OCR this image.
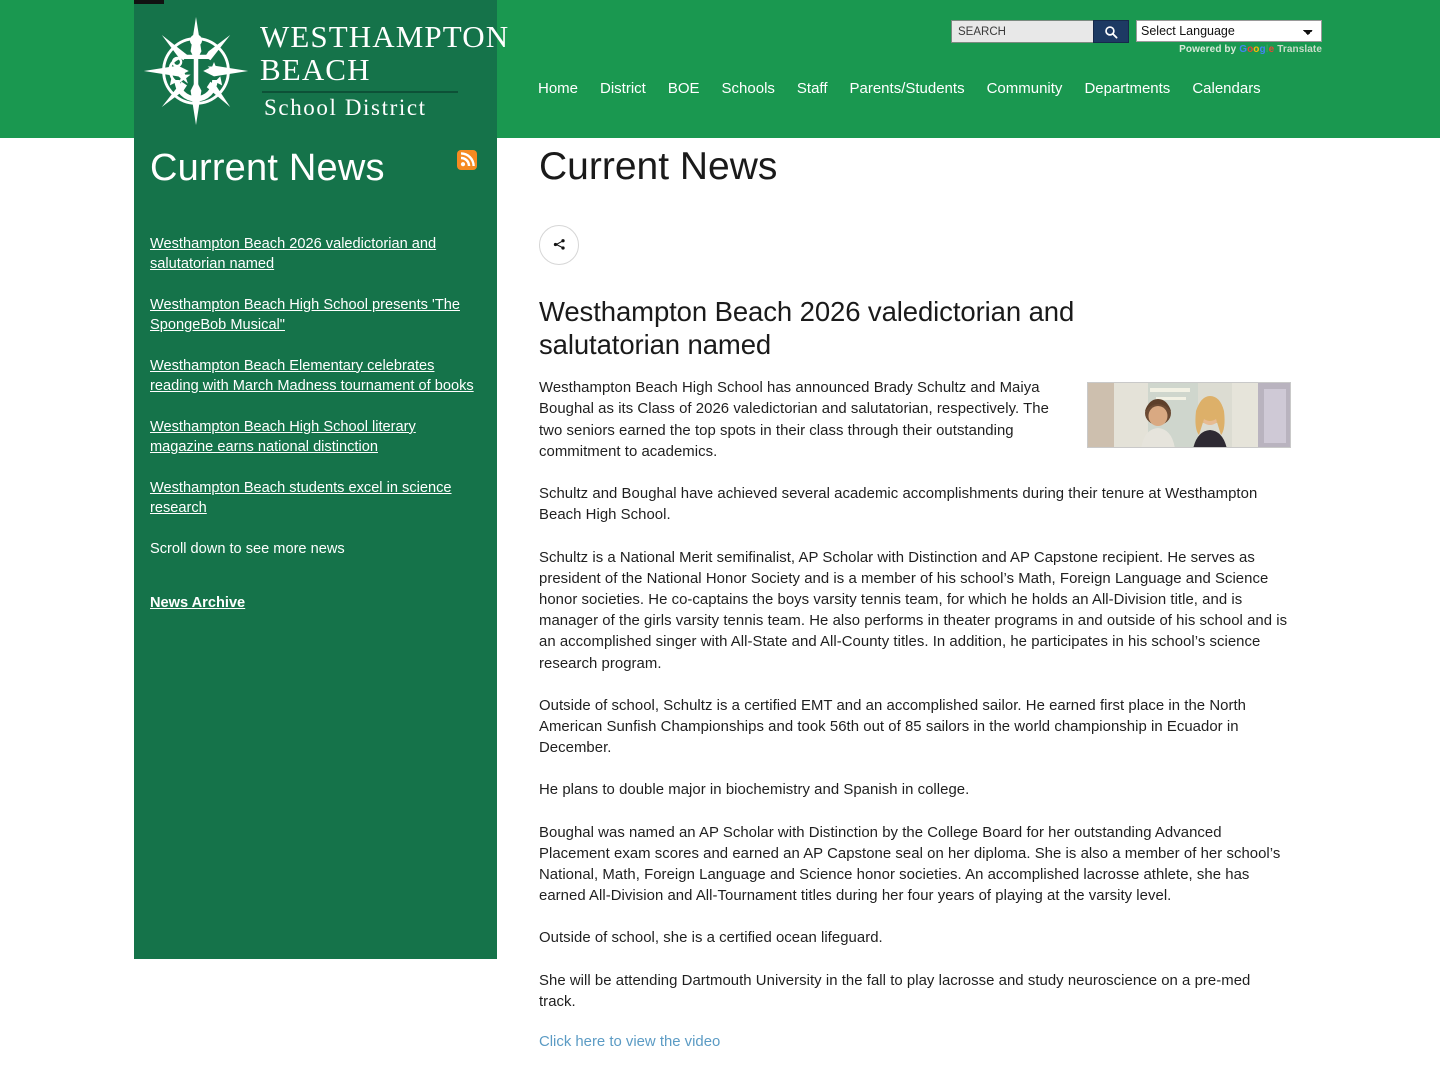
WESTHAMPTON
BEACH
School District
SEARCH
Select Language
Powered by Google Translate
Home	District	BOE	Schools	Staff	Parents/Students	Community	Departments	Calendars
Current News
Westhampton Beach 2026 valedictorian and salutatorian named
Westhampton Beach High School presents 'The SpongeBob Musical"
Westhampton Beach Elementary celebrates reading with March Madness tournament of books
Westhampton Beach High School literary magazine earns national distinction
Westhampton Beach students excel in science research
Scroll down to see more news
News Archive
Current News
Westhampton Beach 2026 valedictorian and salutatorian named

Westhampton Beach High School has announced Brady Schultz and Maiya Boughal as its Class of 2026 valedictorian and salutatorian, respectively. The two seniors earned the top spots in their class through their outstanding commitment to academics.

Schultz and Boughal have achieved several academic accomplishments during their tenure at Westhampton Beach High School.

Schultz is a National Merit semifinalist, AP Scholar with Distinction and AP Capstone recipient. He serves as president of the National Honor Society and is a member of his school’s Math, Foreign Language and Science honor societies. He co-captains the boys varsity tennis team, for which he holds an All-Division title, and is manager of the girls varsity tennis team. He also performs in theater programs in and outside of his school and is an accomplished singer with All-State and All-County titles. In addition, he participates in his school’s science research program.

Outside of school, Schultz is a certified EMT and an accomplished sailor. He earned first place in the North American Sunfish Championships and took 56th out of 85 sailors in the world championship in Ecuador in December.

He plans to double major in biochemistry and Spanish in college.

Boughal was named an AP Scholar with Distinction by the College Board for her outstanding Advanced Placement exam scores and earned an AP Capstone seal on her diploma. She is also a member of her school’s National, Math, Foreign Language and Science honor societies. An accomplished lacrosse athlete, she has earned All-Division and All-Tournament titles during her four years of playing at the varsity level.

Outside of school, she is a certified ocean lifeguard.

She will be attending Dartmouth University in the fall to play lacrosse and study neuroscience on a pre-med track.

Click here to view the video
